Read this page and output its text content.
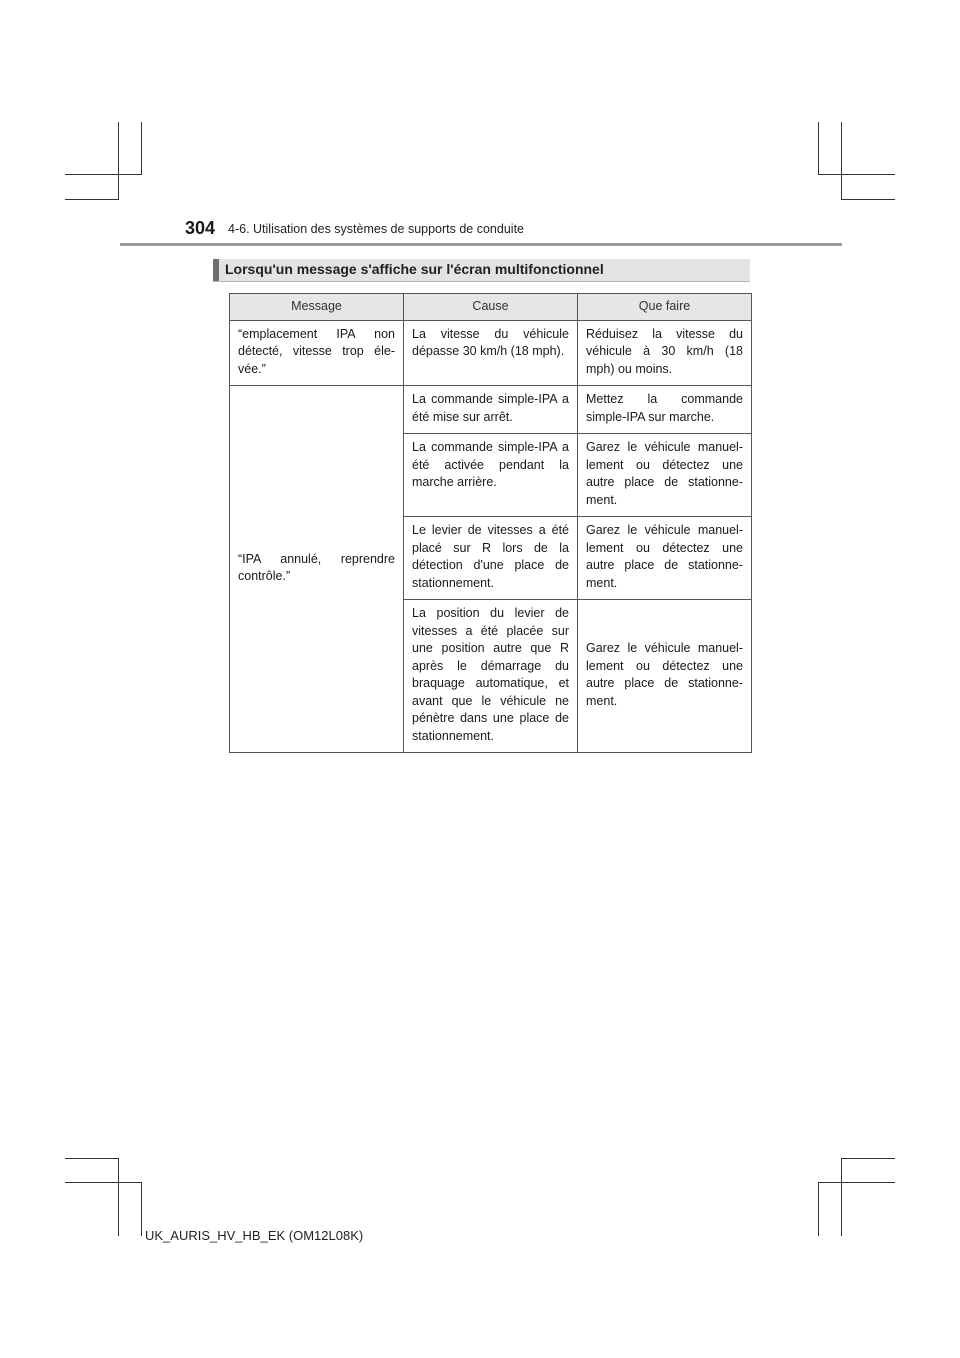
304 4-6. Utilisation des systèmes de supports de conduite
Lorsqu'un message s'affiche sur l'écran multifonctionnel
Message	Cause	Que faire
“emplacement IPA non détecté, vitesse trop éle-vée.”	La vitesse du véhicule dépasse 30 km/h (18 mph).	Réduisez la vitesse du véhicule à 30 km/h (18 mph) ou moins.
“IPA annulé, reprendre contrôle.”	La commande simple-IPA a été mise sur arrêt.	Mettez la commande simple-IPA sur marche.
	La commande simple-IPA a été activée pendant la marche arrière.	Garez le véhicule manuel-lement ou détectez une autre place de stationne-ment.
	Le levier de vitesses a été placé sur R lors de la détection d'une place de stationnement.	Garez le véhicule manuel-lement ou détectez une autre place de stationne-ment.
	La position du levier de vitesses a été placée sur une position autre que R après le démarrage du braquage automatique, et avant que le véhicule ne pénètre dans une place de stationnement.	Garez le véhicule manuel-lement ou détectez une autre place de stationne-ment.
UK_AURIS_HV_HB_EK (OM12L08K)
